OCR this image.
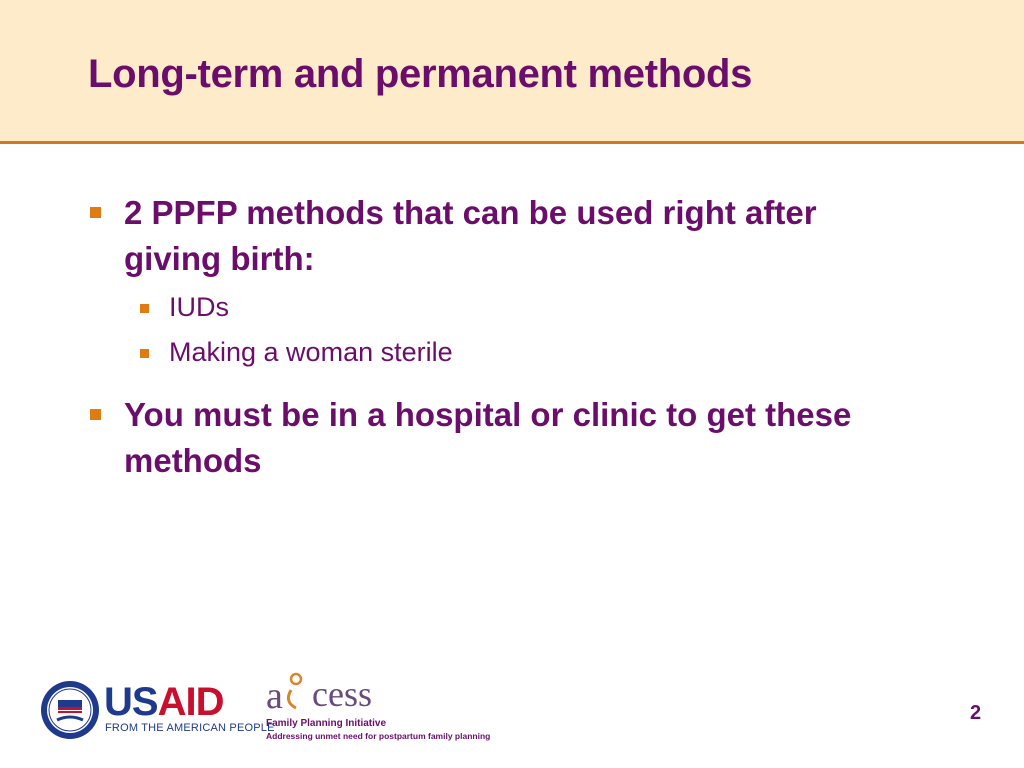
Long-term and permanent methods
2 PPFP methods that can be used right after giving birth:
IUDs
Making a woman sterile
You must be in a hospital or clinic to get these methods
USAID
FROM THE AMERICAN PEOPLE
a cess
Family Planning Initiative
Addressing unmet need for postpartum family planning
2
